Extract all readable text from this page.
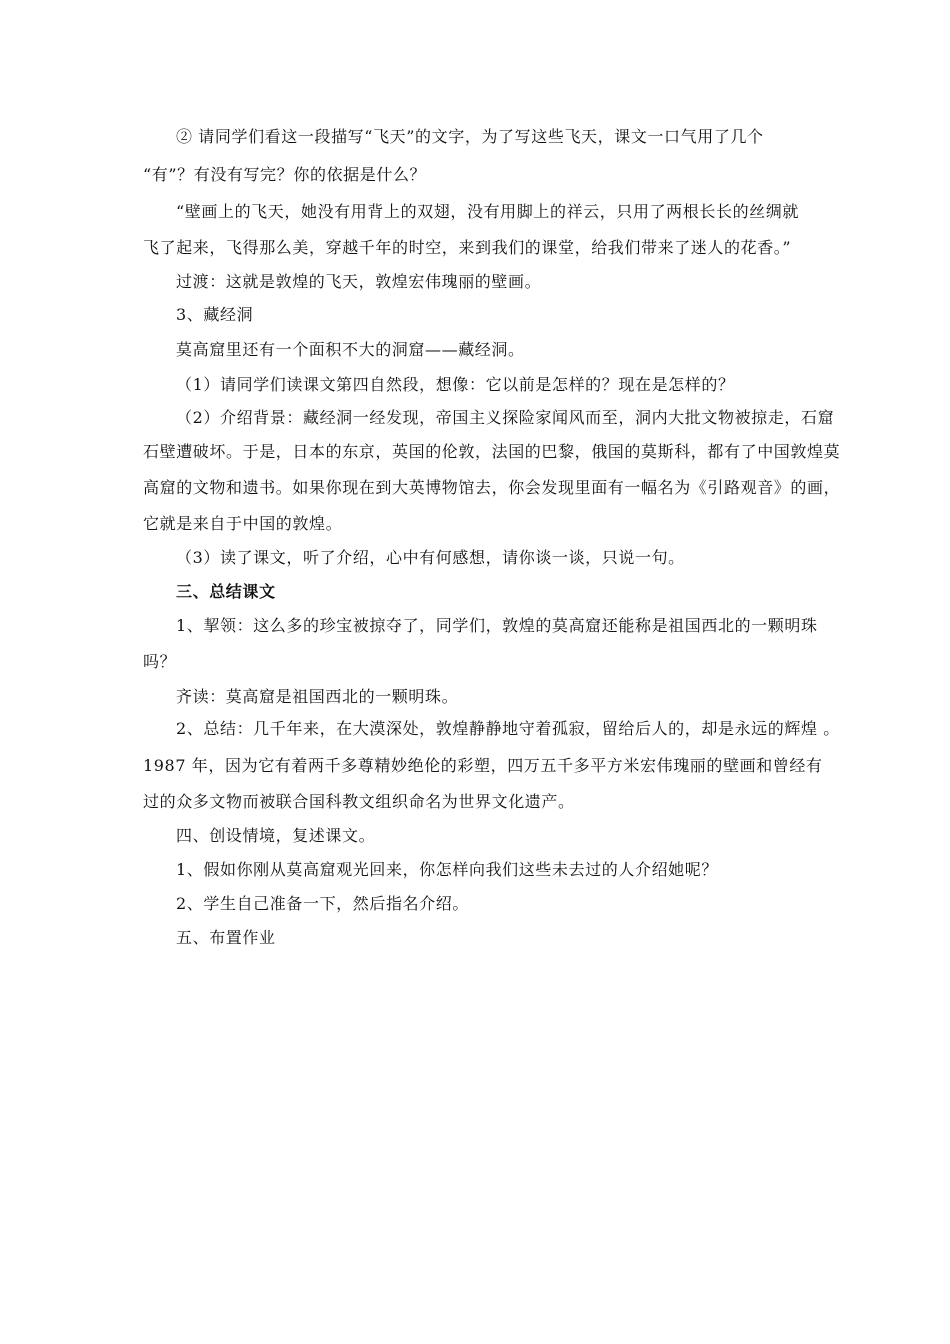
② 请同学们看这一段描写“飞天”的文字，为了写这些飞天，课文一口气用了几个
“有”？有没有写完？你的依据是什么？
“壁画上的飞天，她没有用背上的双翅，没有用脚上的祥云，只用了两根长长的丝绸就
飞了起来，飞得那么美，穿越千年的时空，来到我们的课堂，给我们带来了迷人的花香。”
过渡：这就是敦煌的飞天，敦煌宏伟瑰丽的壁画。
3、藏经洞
莫高窟里还有一个面积不大的洞窟——藏经洞。
（1）请同学们读课文第四自然段，想像：它以前是怎样的？现在是怎样的？
（2）介绍背景：藏经洞一经发现，帝国主义探险家闻风而至，洞内大批文物被掠走，石窟
石壁遭破坏。于是，日本的东京，英国的伦敦，法国的巴黎，俄国的莫斯科，都有了中国敦煌莫
高窟的文物和遗书。如果你现在到大英博物馆去，你会发现里面有一幅名为《引路观音》的画，
它就是来自于中国的敦煌。
（3）读了课文，听了介绍，心中有何感想，请你谈一谈，只说一句。
三、总结课文
1、挈领：这么多的珍宝被掠夺了，同学们，敦煌的莫高窟还能称是祖国西北的一颗明珠
吗？
齐读：莫高窟是祖国西北的一颗明珠。
2、总结：几千年来，在大漠深处，敦煌静静地守着孤寂，留给后人的，却是永远的辉煌 。
1987 年，因为它有着两千多尊精妙绝伦的彩塑，四万五千多平方米宏伟瑰丽的壁画和曾经有
过的众多文物而被联合国科教文组织命名为世界文化遗产。
四、创设情境，复述课文。
1、假如你刚从莫高窟观光回来，你怎样向我们这些未去过的人介绍她呢？
2、学生自己准备一下，然后指名介绍。
五、布置作业
